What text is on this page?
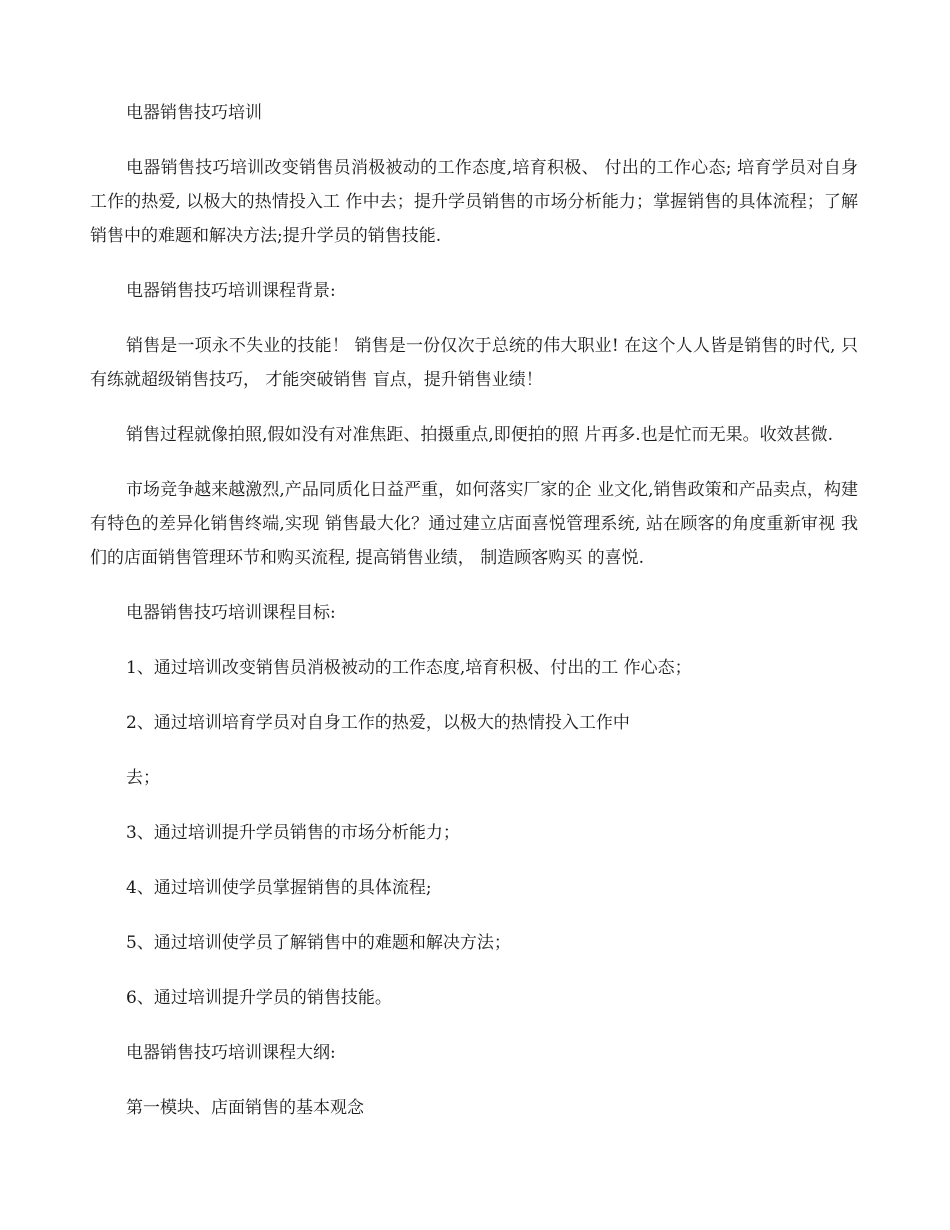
电器销售技巧培训

电器销售技巧培训改变销售员消极被动的工作态度,培育积极、 付出的工作心态; 培育学员对自身工作的热爱, 以极大的热情投入工 作中去；提升学员销售的市场分析能力；掌握销售的具体流程；了解 销售中的难题和解决方法;提升学员的销售技能.

电器销售技巧培训课程背景:

销售是一项永不失业的技能！ 销售是一份仅次于总统的伟大职业! 在这个人人皆是销售的时代, 只有练就超级销售技巧， 才能突破销售 盲点，提升销售业绩！

销售过程就像拍照,假如没有对准焦距、拍摄重点,即便拍的照 片再多.也是忙而无果。收效甚微.

市场竞争越来越激烈,产品同质化日益严重，如何落实厂家的企 业文化,销售政策和产品卖点，构建有特色的差异化销售终端,实现 销售最大化？通过建立店面喜悦管理系统, 站在顾客的角度重新审视 我们的店面销售管理环节和购买流程, 提高销售业绩， 制造顾客购买 的喜悦.

电器销售技巧培训课程目标:

1、通过培训改变销售员消极被动的工作态度,培育积极、付出的工 作心态；

2、通过培训培育学员对自身工作的热爱，以极大的热情投入工作中

去；

3、通过培训提升学员销售的市场分析能力；

4、通过培训使学员掌握销售的具体流程;

5、通过培训使学员了解销售中的难题和解决方法；

6、通过培训提升学员的销售技能。

电器销售技巧培训课程大纲:

第一模块、店面销售的基本观念
